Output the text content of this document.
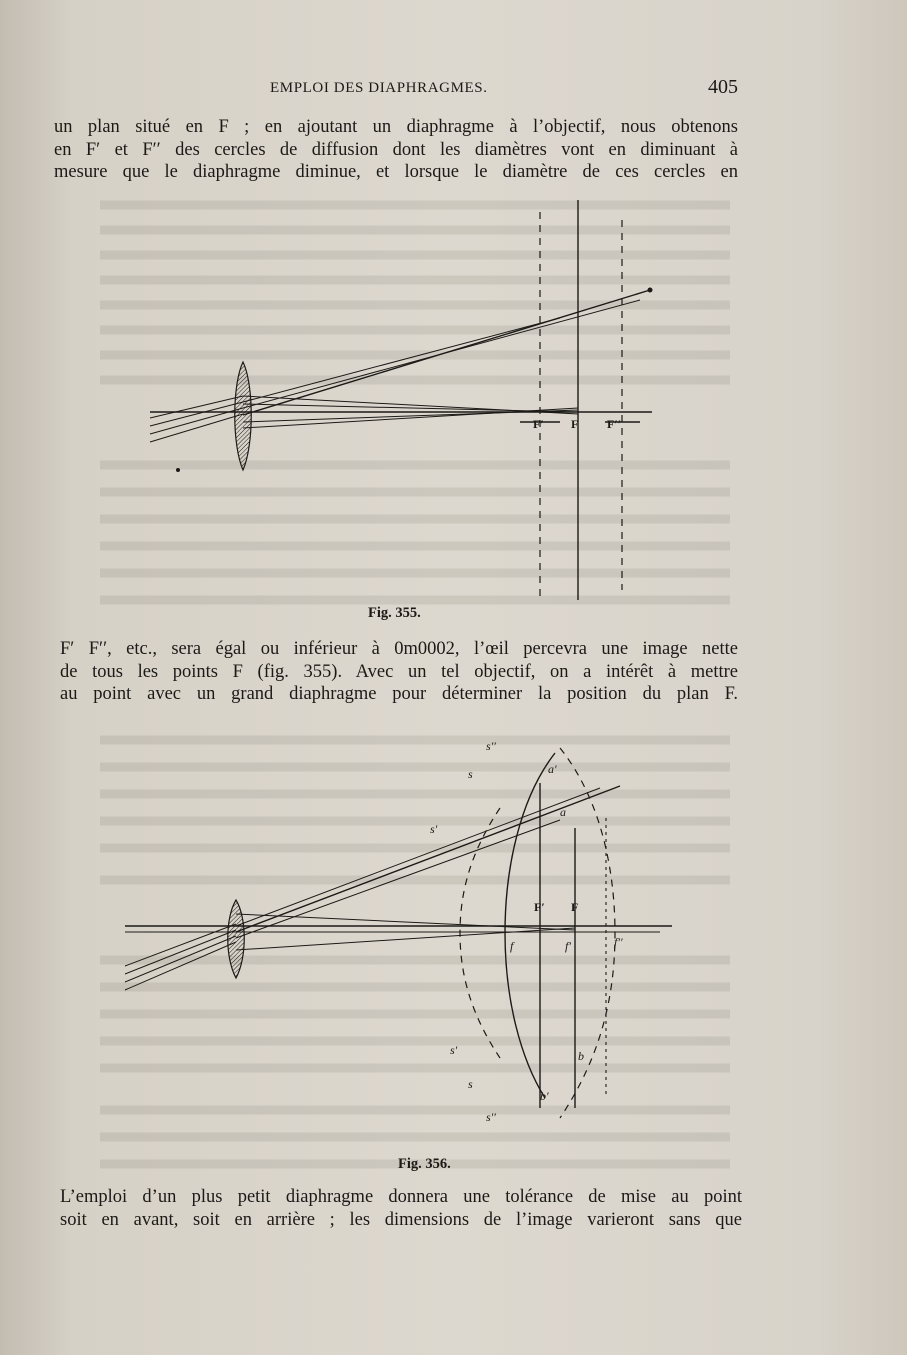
EMPLOI DES DIAPHRAGMES.	405
un plan situé en F ; en ajoutant un diaphragme à l’objectif, nous obtenons
en F′ et F′′ des cercles de diffusion dont les diamètres vont en diminuant à
mesure que le diaphragme diminue, et lorsque le diamètre de ces cercles en
F′ F F′′
Fig. 355.
F′ F′′, etc., sera égal ou inférieur à 0m0002, l’œil percevra une image nette
de tous les points F (fig. 355). Avec un tel objectif, on a intérêt à mettre
au point avec un grand diaphragme pour déterminer la position du plan F.
s′′
s
s′
a′
a
F′ F
f	f′	f′′
s′	b
s
b′
s′′
Fig. 356.
L’emploi d’un plus petit diaphragme donnera une tolérance de mise au point
soit en avant, soit en arrière ; les dimensions de l’image varieront sans que
